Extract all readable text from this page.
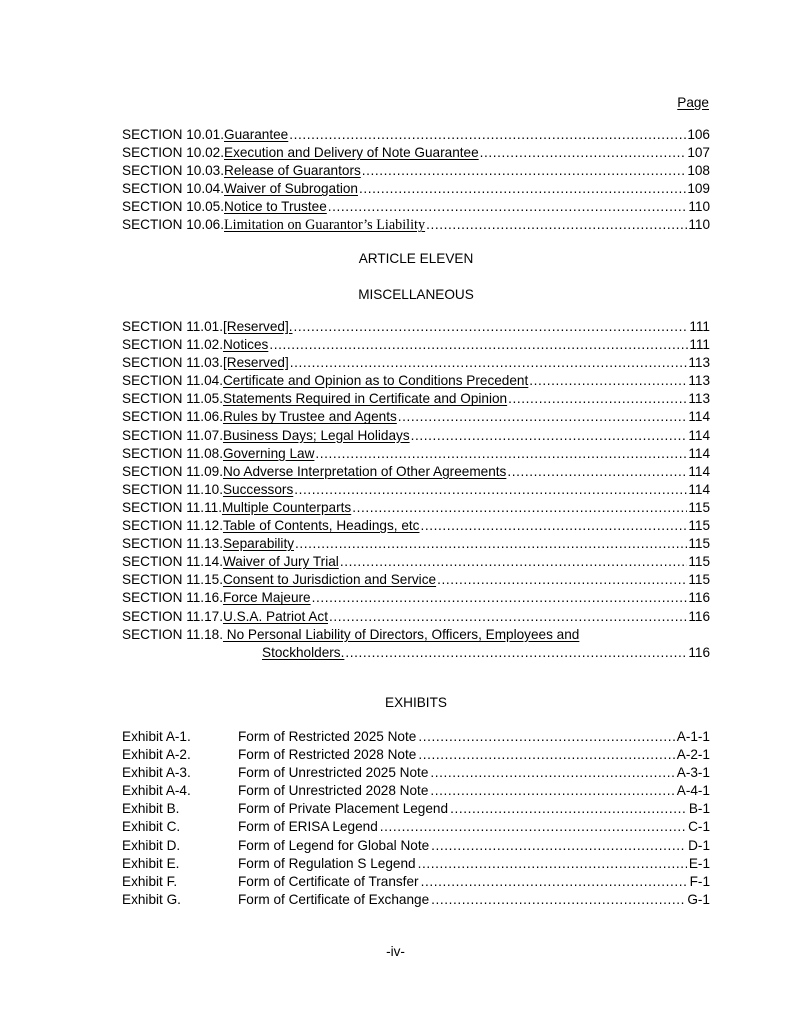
Page
SECTION 10.01. Guarantee .....	106
SECTION 10.02. Execution and Delivery of Note Guarantee .....	107
SECTION 10.03. Release of Guarantors .....	108
SECTION 10.04. Waiver of Subrogation .....	109
SECTION 10.05. Notice to Trustee .....	110
SECTION 10.06. Limitation on Guarantor’s Liability .....	110
ARTICLE ELEVEN
MISCELLANEOUS
SECTION 11.01. [Reserved]. .....	111
SECTION 11.02. Notices .....	111
SECTION 11.03. [Reserved] .....	113
SECTION 11.04. Certificate and Opinion as to Conditions Precedent .....	113
SECTION 11.05. Statements Required in Certificate and Opinion .....	113
SECTION 11.06. Rules by Trustee and Agents .....	114
SECTION 11.07. Business Days; Legal Holidays .....	114
SECTION 11.08. Governing Law .....	114
SECTION 11.09. No Adverse Interpretation of Other Agreements .....	114
SECTION 11.10. Successors .....	114
SECTION 11.11. Multiple Counterparts .....	115
SECTION 11.12. Table of Contents, Headings, etc .....	115
SECTION 11.13. Separability .....	115
SECTION 11.14. Waiver of Jury Trial .....	115
SECTION 11.15. Consent to Jurisdiction and Service .....	115
SECTION 11.16. Force Majeure .....	116
SECTION 11.17. U.S.A. Patriot Act .....	116
SECTION 11.18. No Personal Liability of Directors, Officers, Employees and
Stockholders. .....	116
EXHIBITS
Exhibit A-1.	Form of Restricted 2025 Note .....	A-1-1
Exhibit A-2.	Form of Restricted 2028 Note .....	A-2-1
Exhibit A-3.	Form of Unrestricted 2025 Note .....	A-3-1
Exhibit A-4.	Form of Unrestricted 2028 Note .....	A-4-1
Exhibit B.	Form of Private Placement Legend .....	B-1
Exhibit C.	Form of ERISA Legend .....	C-1
Exhibit D.	Form of Legend for Global Note .....	D-1
Exhibit E.	Form of Regulation S Legend .....	E-1
Exhibit F.	Form of Certificate of Transfer .....	F-1
Exhibit G.	Form of Certificate of Exchange .....	G-1
-iv-
